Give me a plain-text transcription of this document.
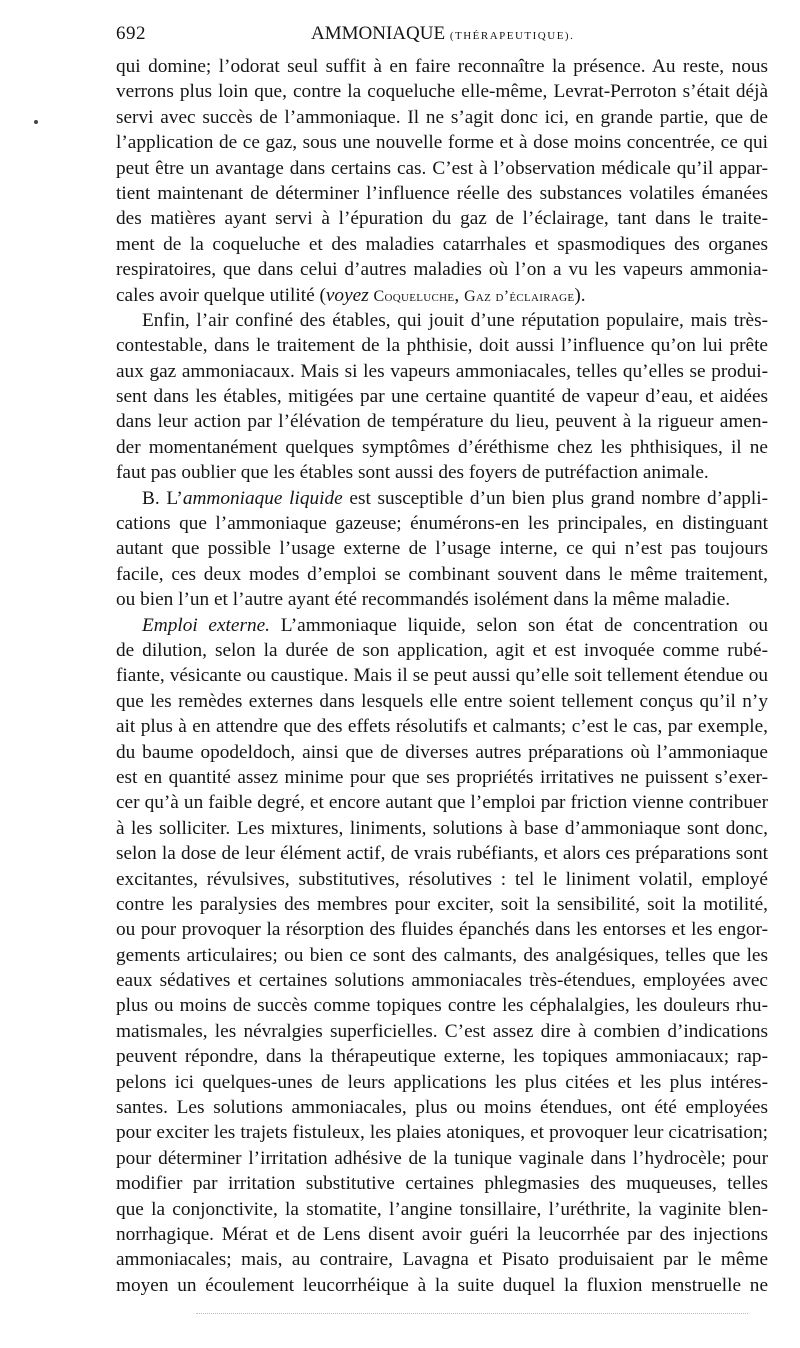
692	AMMONIAQUE (THÉRAPEUTIQUE).
qui domine; l’odorat seul suffit à en faire reconnaître la présence. Au reste, nous
verrons plus loin que, contre la coqueluche elle-même, Levrat-Perroton s’était déjà
servi avec succès de l’ammoniaque. Il ne s’agit donc ici, en grande partie, que de
l’application de ce gaz, sous une nouvelle forme et à dose moins concentrée, ce qui
peut être un avantage dans certains cas. C’est à l’observation médicale qu’il appar-
tient maintenant de déterminer l’influence réelle des substances volatiles émanées
des matières ayant servi à l’épuration du gaz de l’éclairage, tant dans le traite-
ment de la coqueluche et des maladies catarrhales et spasmodiques des organes
respiratoires, que dans celui d’autres maladies où l’on a vu les vapeurs ammonia-
cales avoir quelque utilité (voyez Coqueluche, Gaz d’éclairage).
Enfin, l’air confiné des étables, qui jouit d’une réputation populaire, mais très-
contestable, dans le traitement de la phthisie, doit aussi l’influence qu’on lui prête
aux gaz ammoniacaux. Mais si les vapeurs ammoniacales, telles qu’elles se produi-
sent dans les étables, mitigées par une certaine quantité de vapeur d’eau, et aidées
dans leur action par l’élévation de température du lieu, peuvent à la rigueur amen-
der momentanément quelques symptômes d’éréthisme chez les phthisiques, il ne
faut pas oublier que les étables sont aussi des foyers de putréfaction animale.
B. L’ammoniaque liquide est susceptible d’un bien plus grand nombre d’appli-
cations que l’ammoniaque gazeuse; énumérons-en les principales, en distinguant
autant que possible l’usage externe de l’usage interne, ce qui n’est pas toujours
facile, ces deux modes d’emploi se combinant souvent dans le même traitement,
ou bien l’un et l’autre ayant été recommandés isolément dans la même maladie.
Emploi externe. L’ammoniaque liquide, selon son état de concentration ou
de dilution, selon la durée de son application, agit et est invoquée comme rubé-
fiante, vésicante ou caustique. Mais il se peut aussi qu’elle soit tellement étendue ou
que les remèdes externes dans lesquels elle entre soient tellement conçus qu’il n’y
ait plus à en attendre que des effets résolutifs et calmants; c’est le cas, par exemple,
du baume opodeldoch, ainsi que de diverses autres préparations où l’ammoniaque
est en quantité assez minime pour que ses propriétés irritatives ne puissent s’exer-
cer qu’à un faible degré, et encore autant que l’emploi par friction vienne contribuer
à les solliciter. Les mixtures, liniments, solutions à base d’ammoniaque sont donc,
selon la dose de leur élément actif, de vrais rubéfiants, et alors ces préparations sont
excitantes, révulsives, substitutives, résolutives : tel le liniment volatil, employé
contre les paralysies des membres pour exciter, soit la sensibilité, soit la motilité,
ou pour provoquer la résorption des fluides épanchés dans les entorses et les engor-
gements articulaires; ou bien ce sont des calmants, des analgésiques, telles que les
eaux sédatives et certaines solutions ammoniacales très-étendues, employées avec
plus ou moins de succès comme topiques contre les céphalalgies, les douleurs rhu-
matismales, les névralgies superficielles. C’est assez dire à combien d’indications
peuvent répondre, dans la thérapeutique externe, les topiques ammoniacaux; rap-
pelons ici quelques-unes de leurs applications les plus citées et les plus intéres-
santes. Les solutions ammoniacales, plus ou moins étendues, ont été employées
pour exciter les trajets fistuleux, les plaies atoniques, et provoquer leur cicatrisation;
pour déterminer l’irritation adhésive de la tunique vaginale dans l’hydrocèle; pour
modifier par irritation substitutive certaines phlegmasies des muqueuses, telles
que la conjonctivite, la stomatite, l’angine tonsillaire, l’uréthrite, la vaginite blen-
norrhagique. Mérat et de Lens disent avoir guéri la leucorrhée par des injections
ammoniacales; mais, au contraire, Lavagna et Pisato produisaient par le même
moyen un écoulement leucorrhéique à la suite duquel la fluxion menstruelle ne
